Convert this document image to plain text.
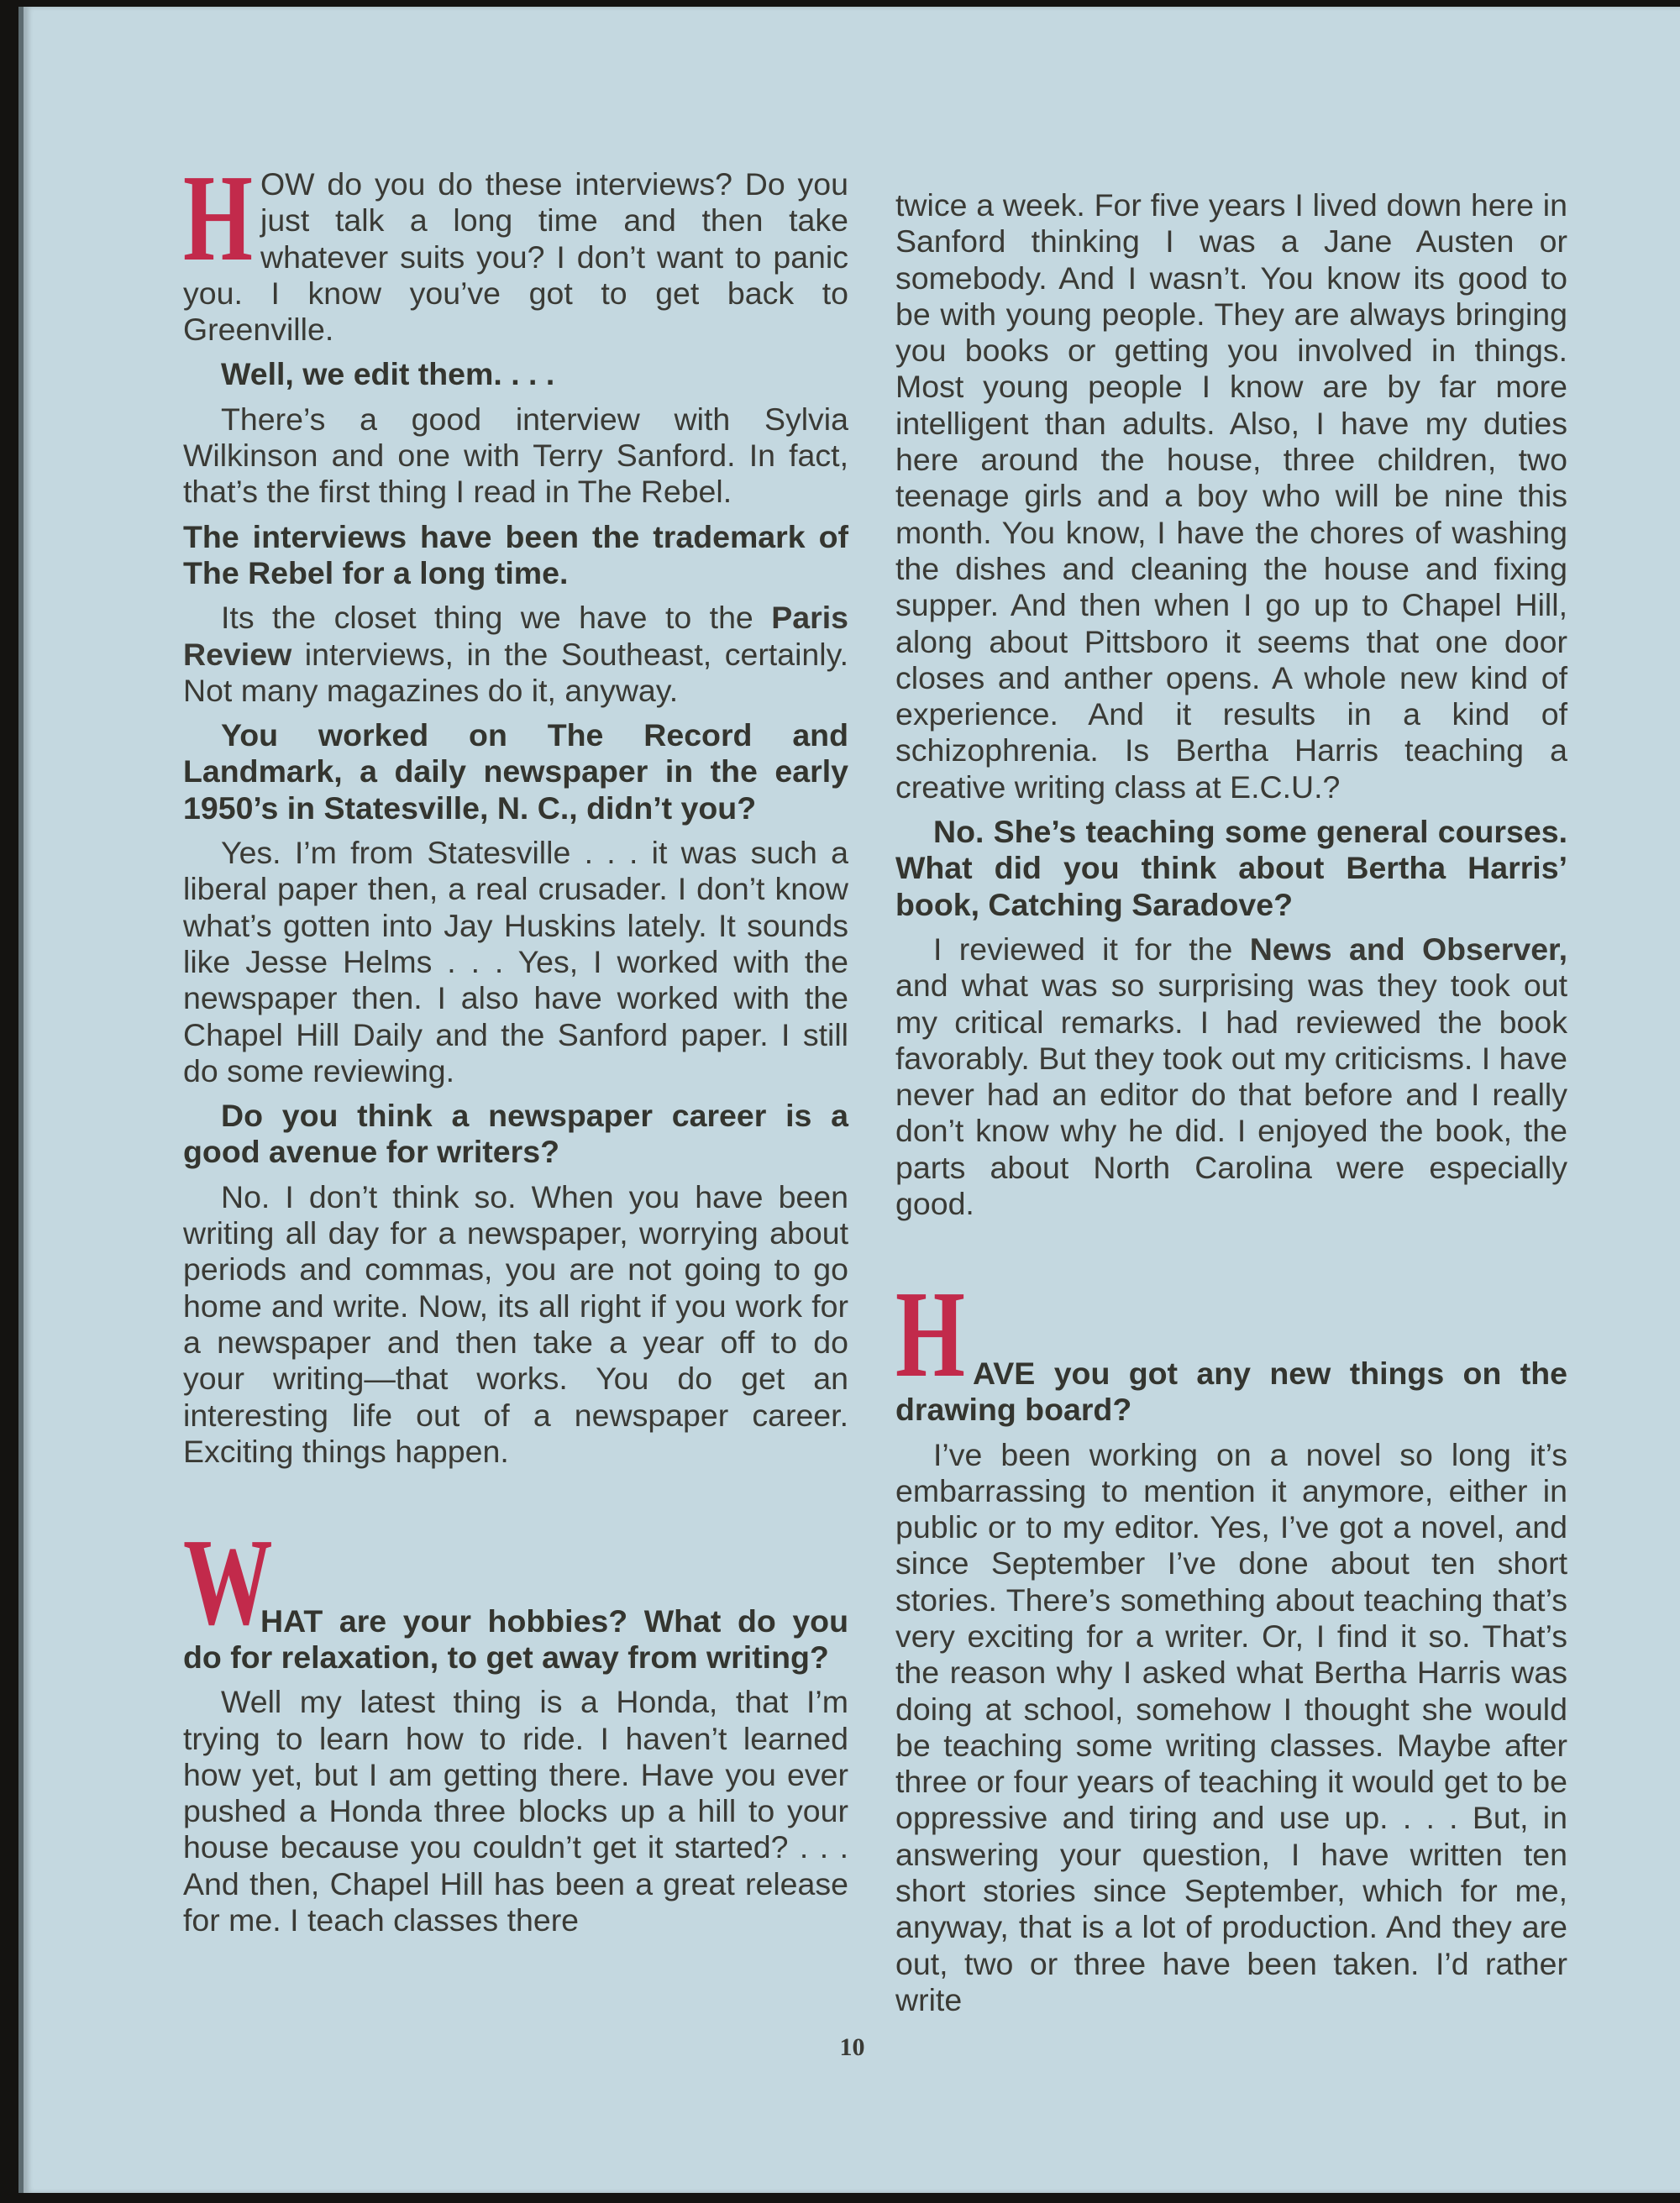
HOW do you do these interviews? Do you just talk a long time and then take whatever suits you? I don’t want to panic you. I know you’ve got to get back to Greenville.

Well, we edit them. . . .

There’s a good interview with Sylvia Wilkinson and one with Terry Sanford. In fact, that’s the first thing I read in The Rebel.

The interviews have been the trademark of The Rebel for a long time.

Its the closet thing we have to the Paris Review interviews, in the Southeast, certainly. Not many magazines do it, anyway.

You worked on The Record and Landmark, a daily newspaper in the early 1950’s in Statesville, N. C., didn’t you?

Yes. I’m from Statesville . . . it was such a liberal paper then, a real crusader. I don’t know what’s gotten into Jay Huskins lately. It sounds like Jesse Helms . . . Yes, I worked with the newspaper then. I also have worked with the Chapel Hill Daily and the Sanford paper. I still do some reviewing.

Do you think a newspaper career is a good avenue for writers?

No. I don’t think so. When you have been writing all day for a newspaper, worrying about periods and commas, you are not going to go home and write. Now, its all right if you work for a newspaper and then take a year off to do your writing—that works. You do get an interesting life out of a newspaper career. Exciting things happen.

W

HAT are your hobbies? What do you do for relaxation, to get away from writing?

Well my latest thing is a Honda, that I’m trying to learn how to ride. I haven’t learned how yet, but I am getting there. Have you ever pushed a Honda three blocks up a hill to your house because you couldn’t get it started? . . . And then, Chapel Hill has been a great release for me. I teach classes there

twice a week. For five years I lived down here in Sanford thinking I was a Jane Austen or somebody. And I wasn’t. You know its good to be with young people. They are always bringing you books or getting you involved in things. Most young people I know are by far more intelligent than adults. Also, I have my duties here around the house, three children, two teenage girls and a boy who will be nine this month. You know, I have the chores of washing the dishes and cleaning the house and fixing supper. And then when I go up to Chapel Hill, along about Pittsboro it seems that one door closes and anther opens. A whole new kind of experience. And it results in a kind of schizophrenia. Is Bertha Harris teaching a creative writing class at E.C.U.?

No. She’s teaching some general courses. What did you think about Bertha Harris’ book, Catching Saradove?

I reviewed it for the News and Observer, and what was so surprising was they took out my critical remarks. I had reviewed the book favorably. But they took out my criticisms. I have never had an editor do that before and I really don’t know why he did. I enjoyed the book, the parts about North Carolina were especially good.

HAVE you got any new things on the drawing board?

I’ve been working on a novel so long it’s embarrassing to mention it anymore, either in public or to my editor. Yes, I’ve got a novel, and since September I’ve done about ten short stories. There’s something about teaching that’s very exciting for a writer. Or, I find it so. That’s the reason why I asked what Bertha Harris was doing at school, somehow I thought she would be teaching some writing classes. Maybe after three or four years of teaching it would get to be oppressive and tiring and use up. . . . But, in answering your question, I have written ten short stories since September, which for me, anyway, that is a lot of production. And they are out, two or three have been taken. I’d rather write

10
